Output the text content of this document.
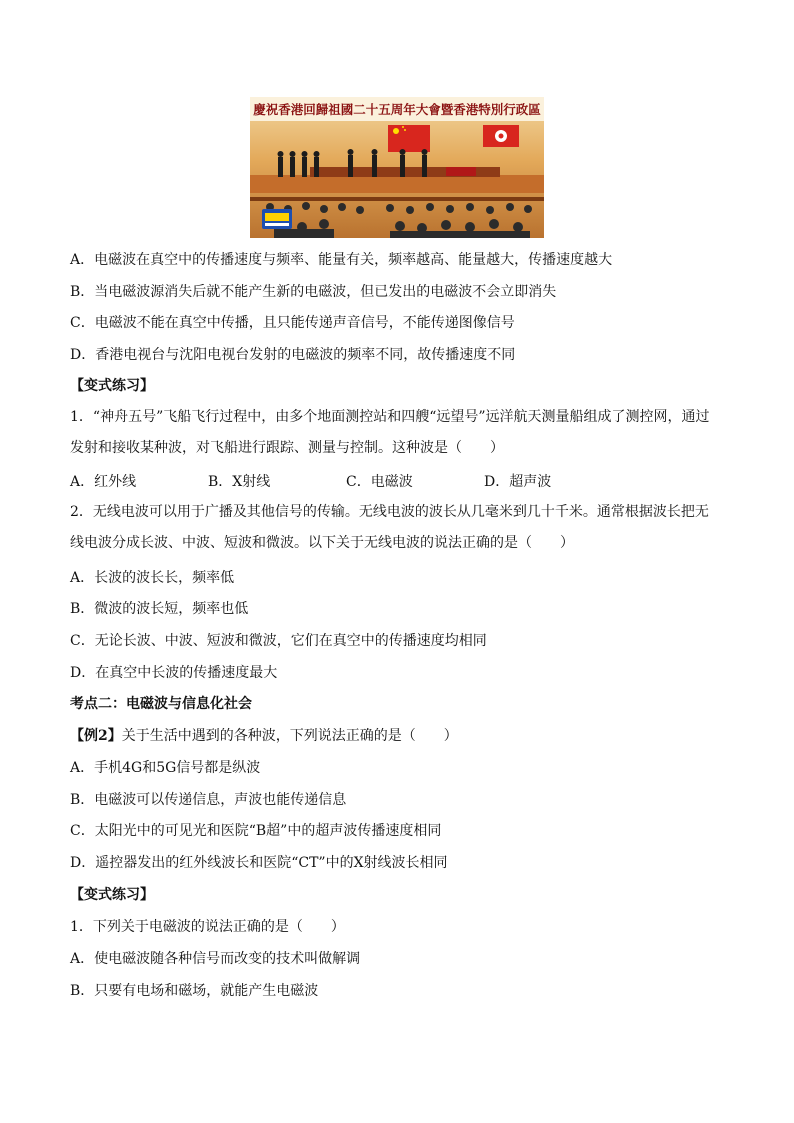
慶祝香港回歸祖國二十五周年大會暨香港特別行政區
A．电磁波在真空中的传播速度与频率、能量有关，频率越高、能量越大，传播速度越大
B．当电磁波源消失后就不能产生新的电磁波，但已发出的电磁波不会立即消失
C．电磁波不能在真空中传播，且只能传递声音信号，不能传递图像信号
D．香港电视台与沈阳电视台发射的电磁波的频率不同，故传播速度不同
【变式练习】
1．“神舟五号”飞船飞行过程中，由多个地面测控站和四艘“远望号”远洋航天测量船组成了测控网，通过发射和接收某种波，对飞船进行跟踪、测量与控制。这种波是（　　）
A．红外线	B．X射线	C．电磁波	D．超声波
2．无线电波可以用于广播及其他信号的传输。无线电波的波长从几毫米到几十千米。通常根据波长把无线电波分成长波、中波、短波和微波。以下关于无线电波的说法正确的是（　　）
A．长波的波长长，频率低
B．微波的波长短，频率也低
C．无论长波、中波、短波和微波，它们在真空中的传播速度均相同
D．在真空中长波的传播速度最大
考点二：电磁波与信息化社会
【例2】关于生活中遇到的各种波，下列说法正确的是（　　）
A．手机4G和5G信号都是纵波
B．电磁波可以传递信息，声波也能传递信息
C．太阳光中的可见光和医院“B超”中的超声波传播速度相同
D．遥控器发出的红外线波长和医院“CT”中的X射线波长相同
【变式练习】
1．下列关于电磁波的说法正确的是（　　）
A．使电磁波随各种信号而改变的技术叫做解调
B．只要有电场和磁场，就能产生电磁波
